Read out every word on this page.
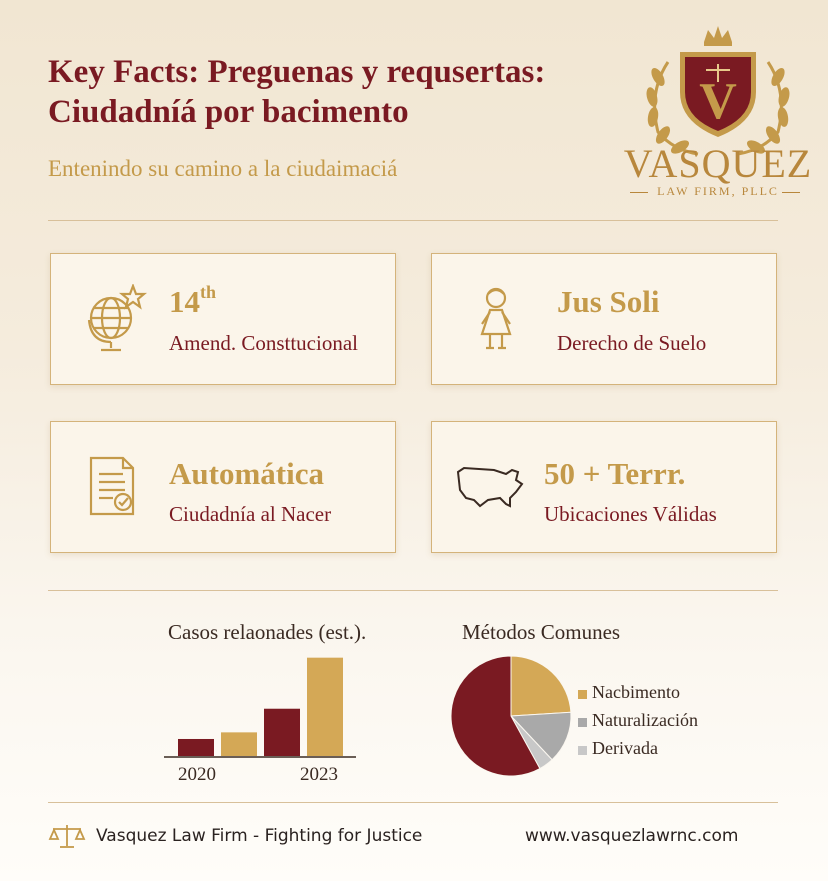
Key Facts: Preguenas y requsertas:
Ciudadníá por bacimento
Entenindo su camino a la ciudaimaciá
V
VASQUEZ
LAW FIRM, PLLC
14th
Amend. Consttucional
Jus Soli
Derecho de Suelo
Automática
Ciudadnía al Nacer
50 + Terrr.
Ubicaciones Válidas
Casos relaonades (est.).
2020	2023
Métodos Comunes
Nacbimento
Naturalización
Derivada
Vasquez Law Firm - Fighting for Justice	www.vasquezlawrnc.com
